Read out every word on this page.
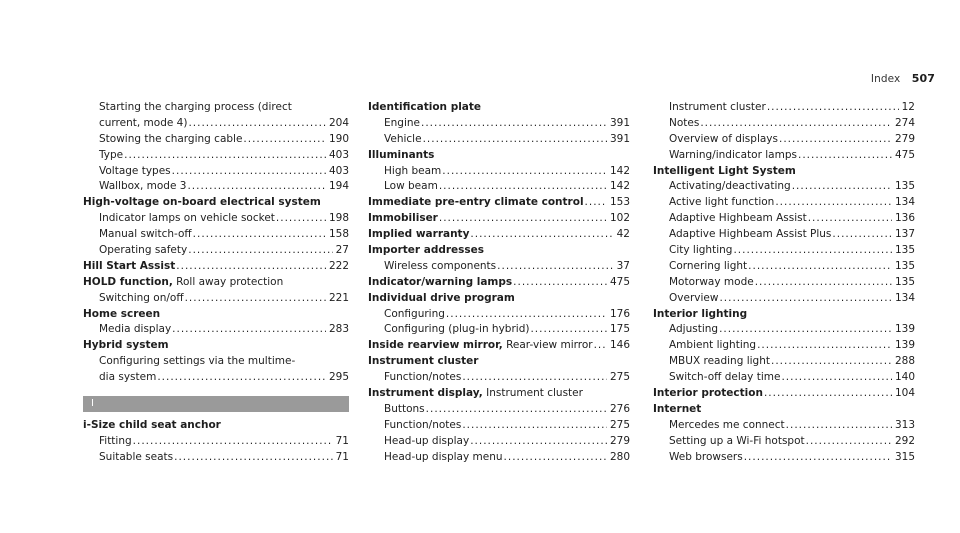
Index 507
Starting the charging process (direct
current, mode 4) .....	204
Stowing the charging cable .....	190
Type .....	403
Voltage types .....	403
Wallbox, mode 3 .....	194
High-voltage on-board electrical system
Indicator lamps on vehicle socket .....	198
Manual switch-off .....	158
Operating safety .....	27
Hill Start Assist .....	222
HOLD function, Roll away protection
Switching on/off .....	221
Home screen
Media display .....	283
Hybrid system
Configuring settings via the multime-
dia system .....	295
I
i-Size child seat anchor
Fitting .....	71
Suitable seats .....	71
Identification plate
Engine .....	391
Vehicle .....	391
Illuminants
High beam .....	142
Low beam .....	142
Immediate pre-entry climate control .....	153
Immobiliser .....	102
Implied warranty .....	42
Importer addresses
Wireless components .....	37
Indicator/warning lamps .....	475
Individual drive program
Configuring .....	176
Configuring (plug-in hybrid) .....	175
Inside rearview mirror, Rear-view mirror ..... 146
Instrument cluster
Function/notes .....	275
Instrument display, Instrument cluster
Buttons .....	276
Function/notes .....	275
Head-up display .....	279
Head-up display menu .....	280
Instrument cluster .....	12
Notes .....	274
Overview of displays .....	279
Warning/indicator lamps .....	475
Intelligent Light System
Activating/deactivating .....	135
Active light function .....	134
Adaptive Highbeam Assist .....	136
Adaptive Highbeam Assist Plus .....	137
City lighting .....	135
Cornering light .....	135
Motorway mode .....	135
Overview .....	134
Interior lighting
Adjusting .....	139
Ambient lighting .....	139
MBUX reading light .....	288
Switch-off delay time .....	140
Interior protection .....	104
Internet
Mercedes me connect .....	313
Setting up a Wi-Fi hotspot .....	292
Web browsers .....	315
